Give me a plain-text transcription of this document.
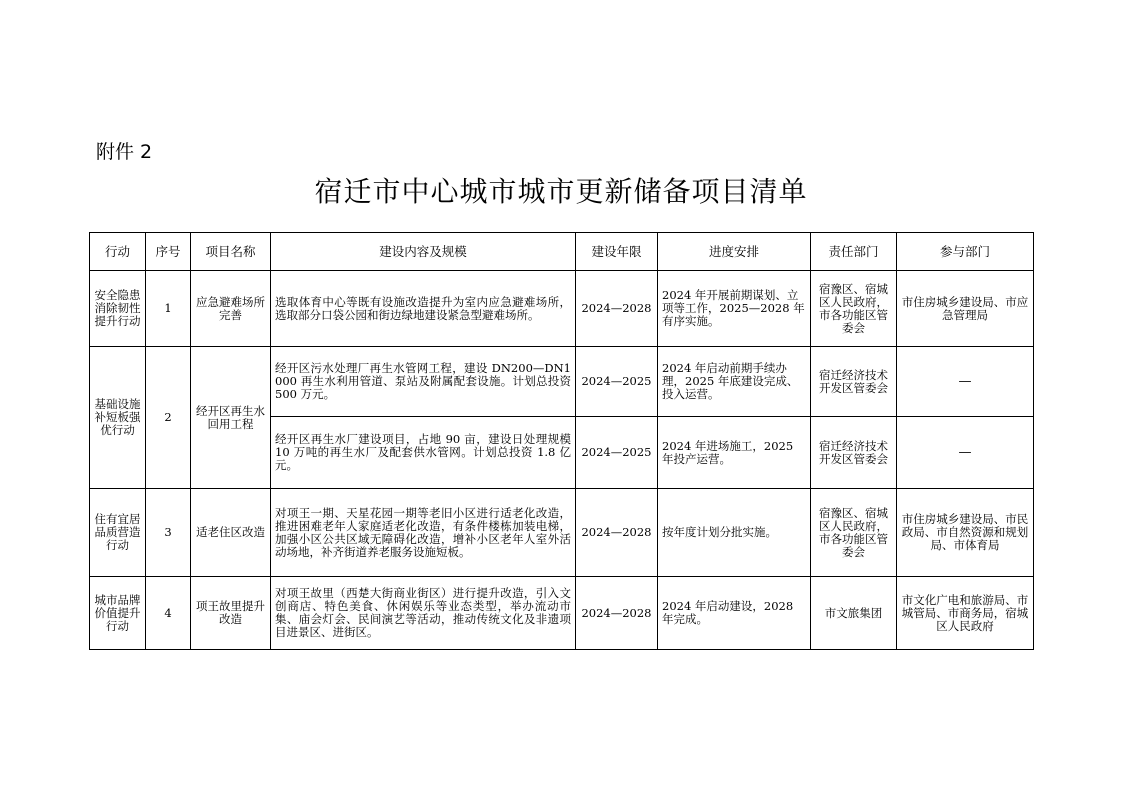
附件 2
宿迁市中心城市城市更新储备项目清单
行动	序号	项目名称	建设内容及规模	建设年限	进度安排	责任部门	参与部门
安全隐患消除韧性提升行动	1	应急避难场所完善	选取体育中心等既有设施改造提升为室内应急避难场所，选取部分口袋公园和街边绿地建设紧急型避难场所。	2024—2028	2024 年开展前期谋划、立项等工作，2025—2028 年有序实施。	宿豫区、宿城区人民政府，市各功能区管委会	市住房城乡建设局、市应急管理局
基础设施补短板强优行动	2	经开区再生水回用工程	经开区污水处理厂再生水管网工程，建设 DN200—DN1000 再生水利用管道、泵站及附属配套设施。计划总投资 500 万元。	2024—2025	2024 年启动前期手续办理，2025 年底建设完成、投入运营。	宿迁经济技术开发区管委会	—
			经开区再生水厂建设项目，占地 90 亩，建设日处理规模 10 万吨的再生水厂及配套供水管网。计划总投资 1.8 亿元。	2024—2025	2024 年进场施工，2025 年投产运营。	宿迁经济技术开发区管委会	—
住有宜居品质营造行动	3	适老住区改造	对项王一期、天星花园一期等老旧小区进行适老化改造，推进困难老年人家庭适老化改造，有条件楼栋加装电梯，加强小区公共区域无障碍化改造，增补小区老年人室外活动场地，补齐街道养老服务设施短板。	2024—2028	按年度计划分批实施。	宿豫区、宿城区人民政府，市各功能区管委会	市住房城乡建设局、市民政局、市自然资源和规划局、市体育局
城市品牌价值提升行动	4	项王故里提升改造	对项王故里（西楚大街商业街区）进行提升改造，引入文创商店、特色美食、休闲娱乐等业态类型，举办流动市集、庙会灯会、民间演艺等活动，推动传统文化及非遗项目进景区、进街区。	2024—2028	2024 年启动建设，2028 年完成。	市文旅集团	市文化广电和旅游局、市城管局、市商务局，宿城区人民政府
